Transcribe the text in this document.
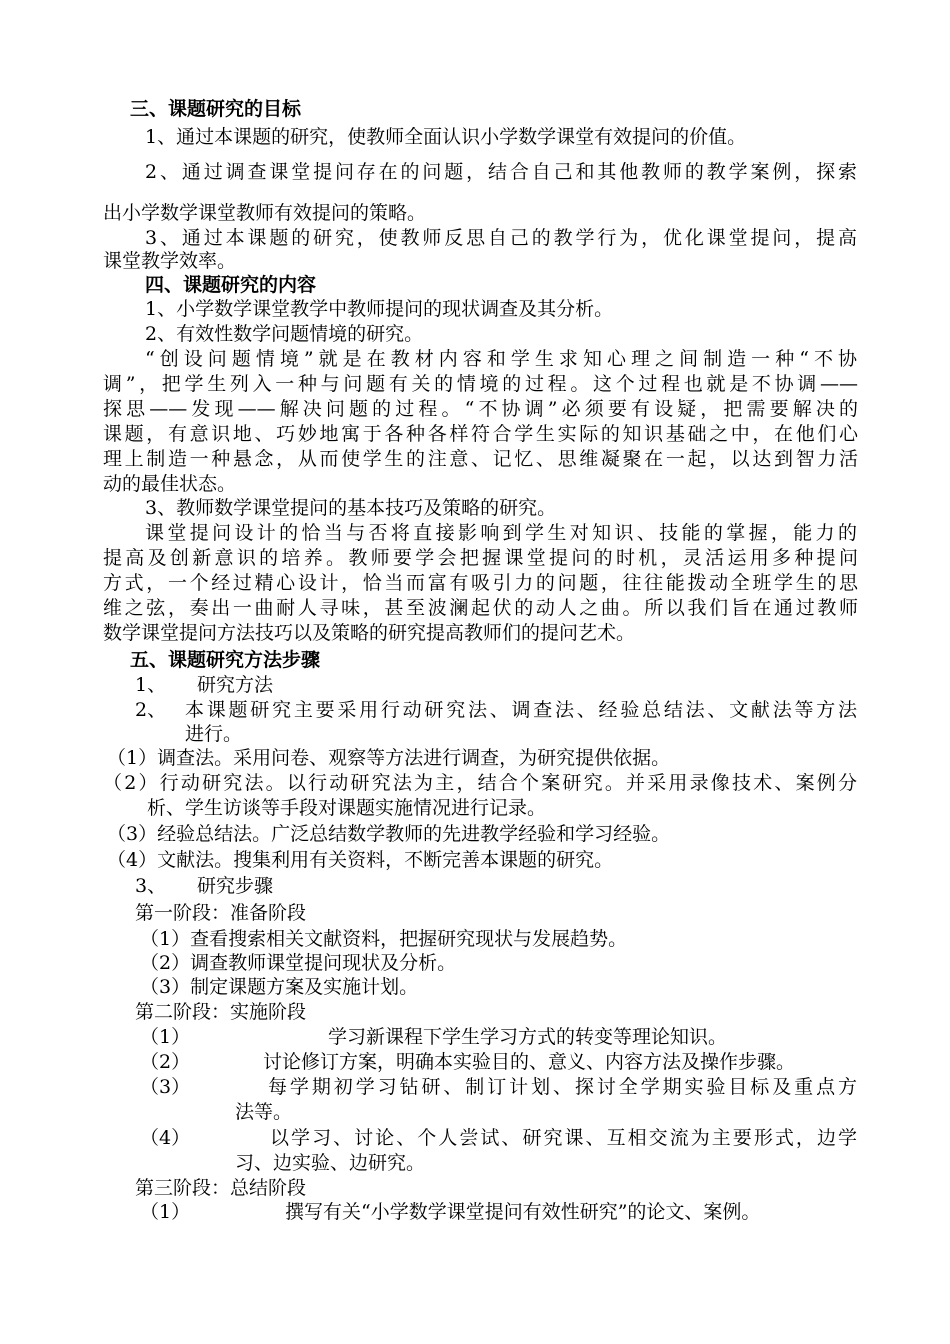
三、课题研究的目标
1、通过本课题的研究，使教师全面认识小学数学课堂有效提问的价值。
2、通过调查课堂提问存在的问题，结合自己和其他教师的教学案例，探索
出小学数学课堂教师有效提问的策略。
3、通过本课题的研究，使教师反思自己的教学行为，优化课堂提问，提高
课堂教学效率。
四、课题研究的内容
1、小学数学课堂教学中教师提问的现状调查及其分析。
2、有效性数学问题情境的研究。
“创设问题情境”就是在教材内容和学生求知心理之间制造一种“不协
调”，把学生列入一种与问题有关的情境的过程。这个过程也就是不协调——
探思——发现——解决问题的过程。“不协调”必须要有设疑，把需要解决的
课题，有意识地、巧妙地寓于各种各样符合学生实际的知识基础之中，在他们心
理上制造一种悬念，从而使学生的注意、记忆、思维凝聚在一起，以达到智力活
动的最佳状态。
3、教师数学课堂提问的基本技巧及策略的研究。
课堂提问设计的恰当与否将直接影响到学生对知识、技能的掌握，能力的
提高及创新意识的培养。教师要学会把握课堂提问的时机，灵活运用多种提问
方式，一个经过精心设计，恰当而富有吸引力的问题，往往能拨动全班学生的思
维之弦，奏出一曲耐人寻味，甚至波澜起伏的动人之曲。所以我们旨在通过教师
数学课堂提问方法技巧以及策略的研究提高教师们的提问艺术。
五、课题研究方法步骤
1、	研究方法
2、 本课题研究主要采用行动研究法、调查法、经验总结法、文献法等方法
进行。
（1）调查法。采用问卷、观察等方法进行调查，为研究提供依据。
（2）行动研究法。以行动研究法为主，结合个案研究。并采用录像技术、案例分
析、学生访谈等手段对课题实施情况进行记录。
（3）经验总结法。广泛总结数学教师的先进教学经验和学习经验。
（4）文献法。搜集利用有关资料，不断完善本课题的研究。
3、	研究步骤
第一阶段：准备阶段
（1）查看搜索相关文献资料，把握研究现状与发展趋势。
（2）调查教师课堂提问现状及分析。
（3）制定课题方案及实施计划。
第二阶段：实施阶段
（1）	学习新课程下学生学习方式的转变等理论知识。
（2）	讨论修订方案，明确本实验目的、意义、内容方法及操作步骤。
（3）	每学期初学习钻研、制订计划、探讨全学期实验目标及重点方
法等。
（4）	以学习、讨论、个人尝试、研究课、互相交流为主要形式，边学
习、边实验、边研究。
第三阶段：总结阶段
（1）	撰写有关“小学数学课堂提问有效性研究”的论文、案例。
